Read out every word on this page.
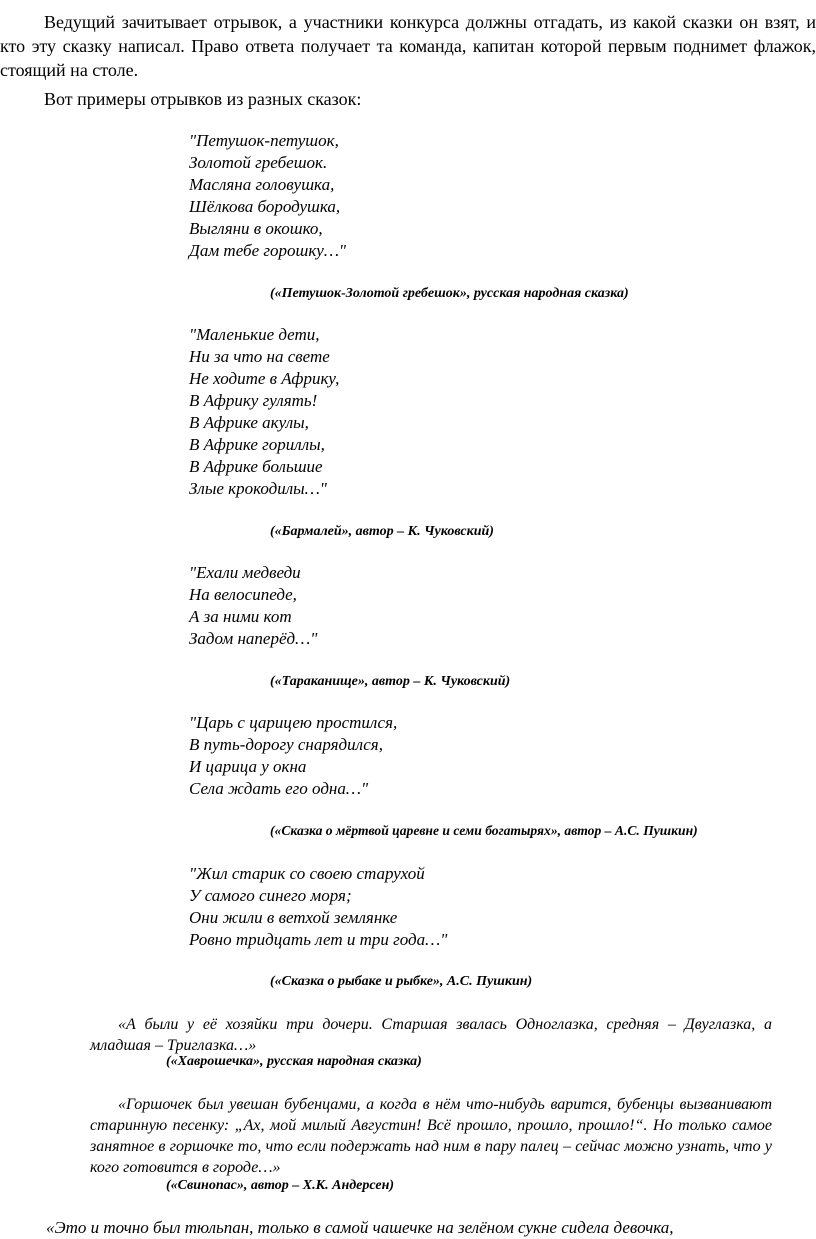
Ведущий зачитывает отрывок, а участники конкурса должны отгадать, из какой сказки он взят, и кто эту сказку написал. Право ответа получает та команда, капитан которой первым поднимет флажок, стоящий на столе.

Вот примеры отрывков из разных сказок:

"Петушок-петушок,
Золотой гребешок.
Масляна головушка,
Шёлкова бородушка,
Выгляни в окошко,
Дам тебе горошку…"

(«Петушок-Золотой гребешок», русская народная сказка)

"Маленькие дети,
Ни за что на свете
Не ходите в Африку,
В Африку гулять!
В Африке акулы,
В Африке гориллы,
В Африке большие
Злые крокодилы…"

(«Бармалей», автор – К. Чуковский)

"Ехали медведи
На велосипеде,
А за ними кот
Задом наперёд…"

(«Тараканище», автор – К. Чуковский)

"Царь с царицею простился,
В путь-дорогу снарядился,
И царица у окна
Села ждать его одна…"

(«Сказка о мёртвой царевне и семи богатырях», автор – А.С. Пушкин)

"Жил старик со своею старухой
У самого синего моря;
Они жили в ветхой землянке
Ровно тридцать лет и три года…"

(«Сказка о рыбаке и рыбке», А.С. Пушкин)

«А были у её хозяйки три дочери. Старшая звалась Одноглазка, средняя – Двуглазка, а младшая – Триглазка…»

(«Хаврошечка», русская народная сказка)

«Горшочек был увешан бубенцами, а когда в нём что-нибудь варится, бубенцы вызванивают старинную песенку: „Ах, мой милый Августин! Всё прошло, прошло, прошло!“. Но только самое занятное в горшочке то, что если подержать над ним в пару палец – сейчас можно узнать, что у кого готовится в городе…»

(«Свинопас», автор – Х.К. Андерсен)

«Это и точно был тюльпан, только в самой чашечке на зелёном сукне сидела девочка,
